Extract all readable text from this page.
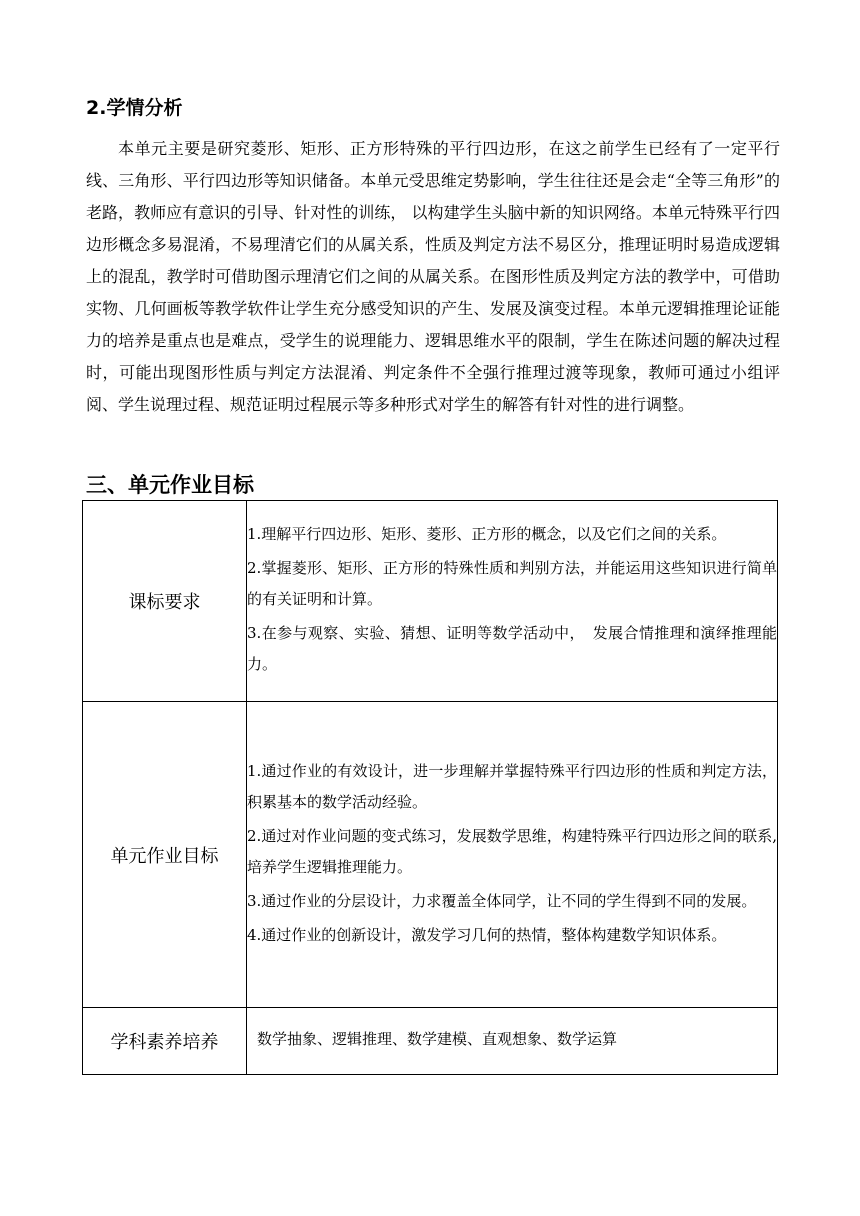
2.学情分析

本单元主要是研究菱形、矩形、正方形特殊的平行四边形，在这之前学生已经有了一定平行线、三角形、平行四边形等知识储备。本单元受思维定势影响，学生往往还是会走“全等三角形”的老路，教师应有意识的引导、针对性的训练， 以构建学生头脑中新的知识网络。本单元特殊平行四边形概念多易混淆，不易理清它们的从属关系，性质及判定方法不易区分，推理证明时易造成逻辑上的混乱，教学时可借助图示理清它们之间的从属关系。在图形性质及判定方法的教学中，可借助实物、几何画板等教学软件让学生充分感受知识的产生、发展及演变过程。本单元逻辑推理论证能力的培养是重点也是难点，受学生的说理能力、逻辑思维水平的限制，学生在陈述问题的解决过程时，可能出现图形性质与判定方法混淆、判定条件不全强行推理过渡等现象，教师可通过小组评阅、学生说理过程、规范证明过程展示等多种形式对学生的解答有针对性的进行调整。

三、单元作业目标
课标要求	1.理解平行四边形、矩形、菱形、正方形的概念，以及它们之间的关系。
2.掌握菱形、矩形、正方形的特殊性质和判别方法，并能运用这些知识进行简单的有关证明和计算。
3.在参与观察、实验、猜想、证明等数学活动中，　发展合情推理和演绎推理能力。

单元作业目标	1.通过作业的有效设计，进一步理解并掌握特殊平行四边形的性质和判定方法，积累基本的数学活动经验。
2.通过对作业问题的变式练习，发展数学思维，构建特殊平行四边形之间的联系,培养学生逻辑推理能力。
3.通过作业的分层设计，力求覆盖全体同学，让不同的学生得到不同的发展。
4.通过作业的创新设计，激发学习几何的热情，整体构建数学知识体系。

学科素养培养	数学抽象、逻辑推理、数学建模、直观想象、数学运算
